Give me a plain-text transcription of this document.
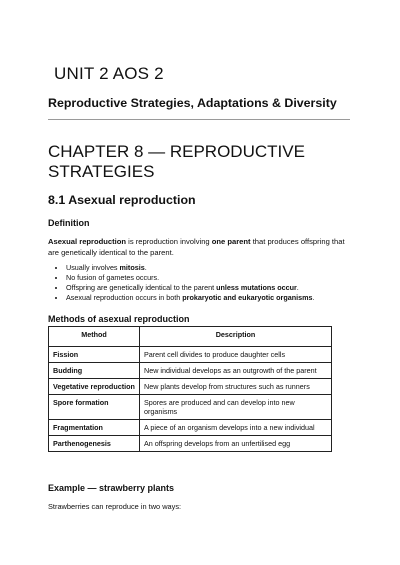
UNIT 2 AOS 2
Reproductive Strategies, Adaptations & Diversity
CHAPTER 8 — REPRODUCTIVE STRATEGIES
8.1 Asexual reproduction
Definition
Asexual reproduction is reproduction involving one parent that produces offspring that are genetically identical to the parent.
• Usually involves mitosis.
• No fusion of gametes occurs.
• Offspring are genetically identical to the parent unless mutations occur.
• Asexual reproduction occurs in both prokaryotic and eukaryotic organisms.
Methods of asexual reproduction
Method	Description
Fission	Parent cell divides to produce daughter cells
Budding	New individual develops as an outgrowth of the parent
Vegetative reproduction	New plants develop from structures such as runners
Spore formation	Spores are produced and can develop into new organisms
Fragmentation	A piece of an organism develops into a new individual
Parthenogenesis	An offspring develops from an unfertilised egg
Example — strawberry plants
Strawberries can reproduce in two ways:
